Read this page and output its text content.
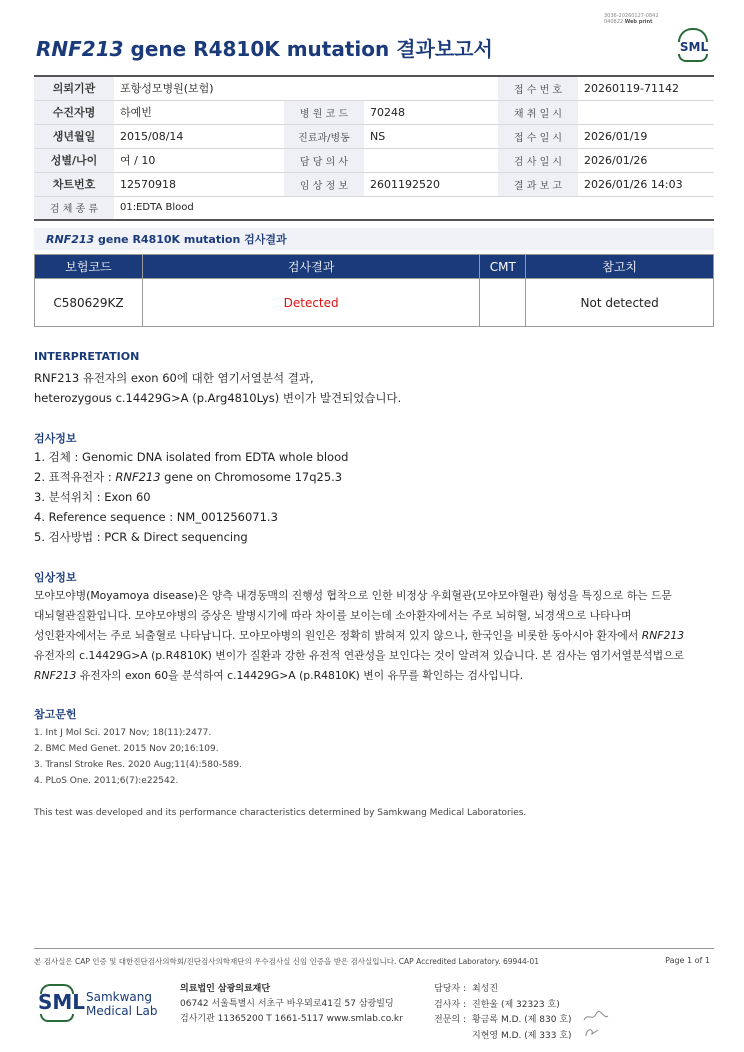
3036-20260127-0842
040822 Web print
RNF213 gene R4810K mutation 결과보고서	SML
의뢰기관	포항성모병원(보험)			접 수 번 호	20260119-71142
수진자명	하예빈	병 원 코 드	70248	채 취 일 시	
생년월일	2015/08/14	진료과/병동	NS	접 수 일 시	2026/01/19
성별/나이	여 / 10	담 당 의 사		검 사 일 시	2026/01/26
차트번호	12570918	임 상 정 보	2601192520	결 과 보 고	2026/01/26 14:03
검 체 종 류	01:EDTA Blood				
RNF213 gene R4810K mutation 검사결과
보험코드	검사결과	CMT	참고치
C580629KZ	Detected		Not detected
INTERPRETATION
RNF213 유전자의 exon 60에 대한 염기서열분석 결과,
heterozygous c.14429G>A (p.Arg4810Lys) 변이가 발견되었습니다.
검사정보
1. 검체 : Genomic DNA isolated from EDTA whole blood
2. 표적유전자 : RNF213 gene on Chromosome 17q25.3
3. 분석위치 : Exon 60
4. Reference sequence : NM_001256071.3
5. 검사방법 : PCR & Direct sequencing
임상정보
모야모야병(Moyamoya disease)은 양측 내경동맥의 진행성 협착으로 인한 비정상 우회혈관(모야모야혈관) 형성을 특징으로 하는 드문
대뇌혈관질환입니다. 모야모야병의 증상은 발병시기에 따라 차이를 보이는데 소아환자에서는 주로 뇌허혈, 뇌경색으로 나타나며
성인환자에서는 주로 뇌출혈로 나타납니다. 모야모야병의 원인은 정확히 밝혀져 있지 않으나, 한국인을 비롯한 동아시아 환자에서 RNF213
유전자의 c.14429G>A (p.R4810K) 변이가 질환과 강한 유전적 연관성을 보인다는 것이 알려져 있습니다. 본 검사는 염기서열분석법으로
RNF213 유전자의 exon 60을 분석하여 c.14429G>A (p.R4810K) 변이 유무를 확인하는 검사입니다.
참고문헌
1. Int J Mol Sci. 2017 Nov; 18(11):2477.
2. BMC Med Genet. 2015 Nov 20;16:109.
3. Transl Stroke Res. 2020 Aug;11(4):580-589.
4. PLoS One. 2011;6(7):e22542.
This test was developed and its performance characteristics determined by Samkwang Medical Laboratories.
본 검사실은 CAP 인증 및 대한진단검사의학회/진단검사의학재단의 우수검사실 신임 인증을 받은 검사실입니다. CAP Accredited Laboratory. 69944-01	Page 1 of 1
SML Samkwang
Medical Lab
의료법인 삼광의료재단
06742 서울특별시 서초구 바우뫼로41길 57 삼광빌딩
검사기관 11365200 T 1661-5117 www.smlab.co.kr
담당자 : 최성진
검사자 : 진한울 (제 32323 호)
전문의 : 황금록 M.D. (제 830 호)
지현영 M.D. (제 333 호)
